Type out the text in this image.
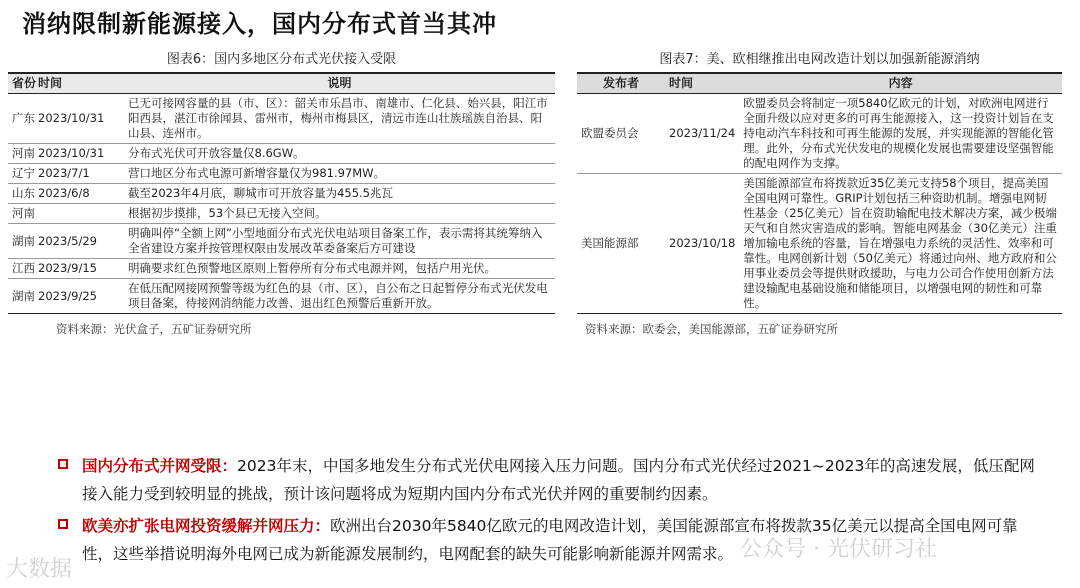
消纳限制新能源接入，国内分布式首当其冲
图表6：国内多地区分布式光伏接入受限
省份	时间	说明
广东	2023/10/31	已无可接网容量的县（市、区）：韶关市乐昌市、南雄市、仁化县、始兴县，阳江市阳西县，湛江市徐闻县、雷州市，梅州市梅县区，清远市连山壮族瑶族自治县、阳山县、连州市。
河南	2023/10/31	分布式光伏可开放容量仅8.6GW。
辽宁	2023/7/1	营口地区分布式电源可新增容量仅为981.97MW。
山东	2023/6/8	截至2023年4月底，聊城市可开放容量为455.5兆瓦
河南		根据初步摸排，53个县已无接入空间。
湖南	2023/5/29	明确叫停“全额上网”小型地面分布式光伏电站项目备案工作，表示需将其统筹纳入全省建设方案并按管理权限由发展改革委备案后方可建设
江西	2023/9/15	明确要求红色预警地区原则上暂停所有分布式电源并网，包括户用光伏。
湖南	2023/9/25	在低压配网接网预警等级为红色的县（市、区），自公布之日起暂停分布式光伏发电项目备案，待接网消纳能力改善、退出红色预警后重新开放。
资料来源：光伏盒子，五矿证券研究所
图表7：美、欧相继推出电网改造计划以加强新能源消纳
发布者	时间	内容
欧盟委员会	2023/11/24	欧盟委员会将制定一项5840亿欧元的计划，对欧洲电网进行全面升级以应对更多的可再生能源接入，这一投资计划旨在支持电动汽车科技和可再生能源的发展，并实现能源的智能化管理。此外，分布式光伏发电的规模化发展也需要建设坚强智能的配电网作为支撑。
美国能源部	2023/10/18	美国能源部宣布将拨款近35亿美元支持58个项目，提高美国全国电网可靠性。GRIP计划包括三种资助机制。增强电网韧性基金（25亿美元）旨在资助输配电技术解决方案，减少极端天气和自然灾害造成的影响。智能电网基金（30亿美元）注重增加输电系统的容量，旨在增强电力系统的灵活性、效率和可靠性。电网创新计划（50亿美元）将通过向州、地方政府和公用事业委员会等提供财政援助，与电力公司合作使用创新方法建设输配电基础设施和储能项目，以增强电网的韧性和可靠性。
资料来源：欧委会，美国能源部，五矿证券研究所
国内分布式并网受限：2023年末，中国多地发生分布式光伏电网接入压力问题。国内分布式光伏经过2021~2023年的高速发展，低压配网接入能力受到较明显的挑战，预计该问题将成为短期内国内分布式光伏并网的重要制约因素。
欧美亦扩张电网投资缓解并网压力：欧洲出台2030年5840亿欧元的电网改造计划，美国能源部宣布将拨款35亿美元以提高全国电网可靠性，这些举措说明海外电网已成为新能源发展制约，电网配套的缺失可能影响新能源并网需求。
大数据
公众号 · 光伏研习社
